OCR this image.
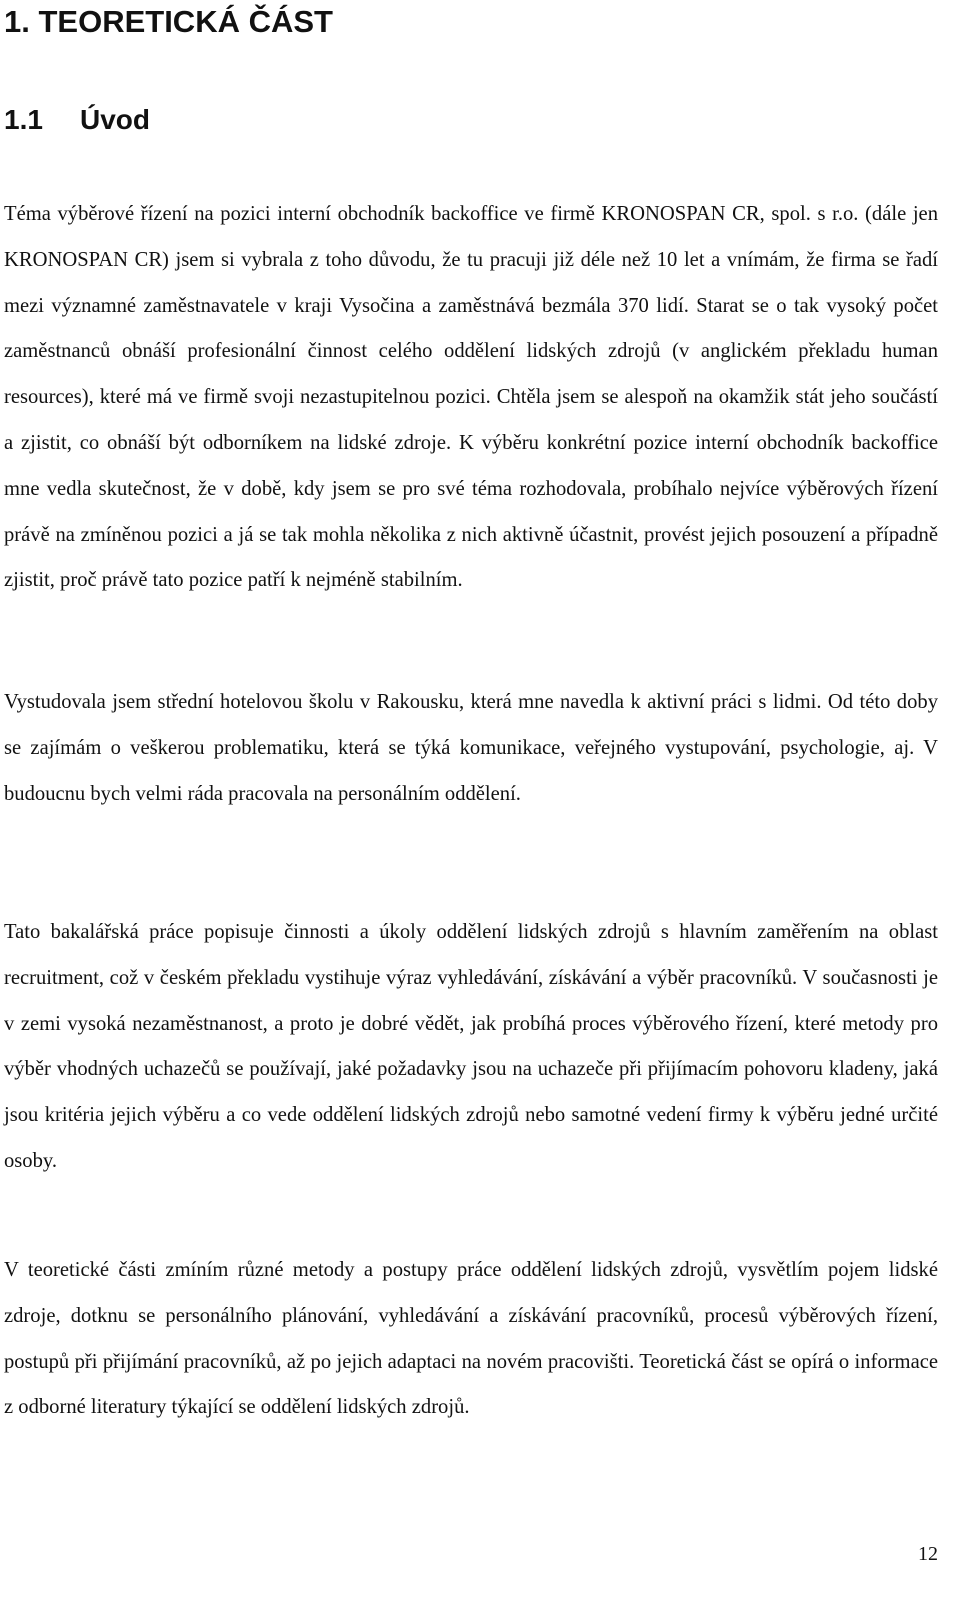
1. TEORETICKÁ ČÁST
1.1 Úvod

Téma výběrové řízení na pozici interní obchodník backoffice ve firmě KRONOSPAN CR, spol. s r.o. (dále jen KRONOSPAN CR) jsem si vybrala z toho důvodu, že tu pracuji již déle než 10 let a vnímám, že firma se řadí mezi významné zaměstnavatele v kraji Vysočina a zaměstnává bezmála 370 lidí. Starat se o tak vysoký počet zaměstnanců obnáší profesionální činnost celého oddělení lidských zdrojů (v anglickém překladu human resources), které má ve firmě svoji nezastupitelnou pozici. Chtěla jsem se alespoň na okamžik stát jeho součástí a zjistit, co obnáší být odborníkem na lidské zdroje. K výběru konkrétní pozice interní obchodník backoffice mne vedla skutečnost, že v době, kdy jsem se pro své téma rozhodovala, probíhalo nejvíce výběrových řízení právě na zmíněnou pozici a já se tak mohla několika z nich aktivně účastnit, provést jejich posouzení a případně zjistit, proč právě tato pozice patří k nejméně stabilním.

Vystudovala jsem střední hotelovou školu v Rakousku, která mne navedla k aktivní práci s lidmi. Od této doby se zajímám o veškerou problematiku, která se týká komunikace, veřejného vystupování, psychologie, aj. V budoucnu bych velmi ráda pracovala na personálním oddělení.

Tato bakalářská práce popisuje činnosti a úkoly oddělení lidských zdrojů s hlavním zaměřením na oblast recruitment, což v českém překladu vystihuje výraz vyhledávání, získávání a výběr pracovníků. V současnosti je v zemi vysoká nezaměstnanost, a proto je dobré vědět, jak probíhá proces výběrového řízení, které metody pro výběr vhodných uchazečů se používají, jaké požadavky jsou na uchazeče při přijímacím pohovoru kladeny, jaká jsou kritéria jejich výběru a co vede oddělení lidských zdrojů nebo samotné vedení firmy k výběru jedné určité osoby.

V teoretické části zmíním různé metody a postupy práce oddělení lidských zdrojů, vysvětlím pojem lidské zdroje, dotknu se personálního plánování, vyhledávání a získávání pracovníků, procesů výběrových řízení, postupů při přijímání pracovníků, až po jejich adaptaci na novém pracovišti. Teoretická část se opírá o informace z odborné literatury týkající se oddělení lidských zdrojů.

12
